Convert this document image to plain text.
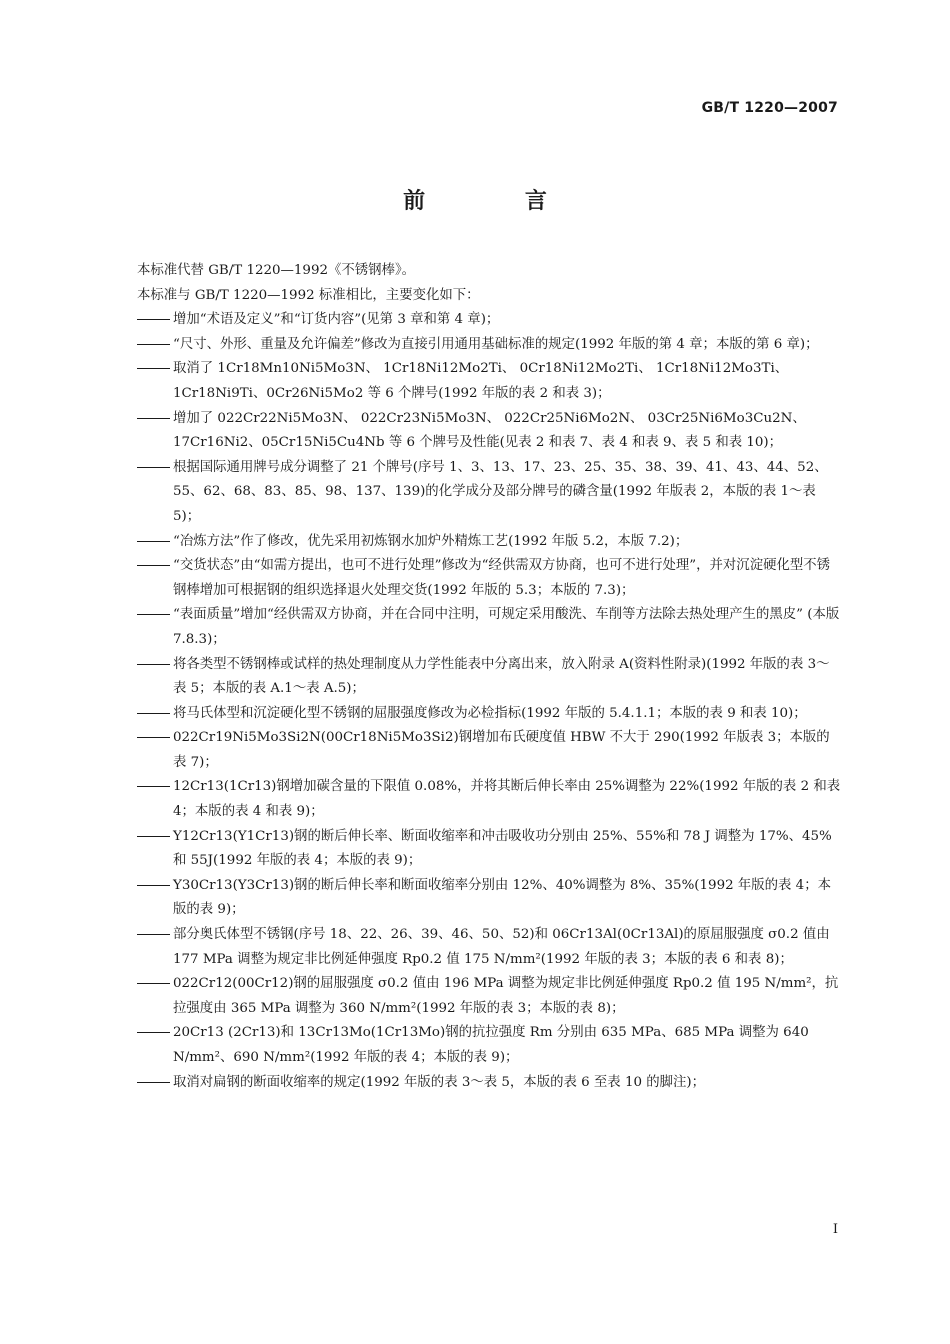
GB/T 1220—2007
前 言

本标准代替 GB/T 1220—1992《不锈钢棒》。

本标准与 GB/T 1220—1992 标准相比，主要变化如下：

增加“术语及定义”和“订货内容”(见第 3 章和第 4 章)；

“尺寸、外形、重量及允许偏差”修改为直接引用通用基础标准的规定(1992 年版的第 4 章；本版的第 6 章)；

取消了 1Cr18Mn10Ni5Mo3N、 1Cr18Ni12Mo2Ti、 0Cr18Ni12Mo2Ti、 1Cr18Ni12Mo3Ti、1Cr18Ni9Ti、0Cr26Ni5Mo2 等 6 个牌号(1992 年版的表 2 和表 3)；

增加了 022Cr22Ni5Mo3N、 022Cr23Ni5Mo3N、 022Cr25Ni6Mo2N、 03Cr25Ni6Mo3Cu2N、17Cr16Ni2、05Cr15Ni5Cu4Nb 等 6 个牌号及性能(见表 2 和表 7、表 4 和表 9、表 5 和表 10)；

根据国际通用牌号成分调整了 21 个牌号(序号 1、3、13、17、23、25、35、38、39、41、43、44、52、55、62、68、83、85、98、137、139)的化学成分及部分牌号的磷含量(1992 年版表 2，本版的表 1～表 5)；

“冶炼方法”作了修改，优先采用初炼钢水加炉外精炼工艺(1992 年版 5.2，本版 7.2)；

“交货状态”由“如需方提出，也可不进行处理”修改为“经供需双方协商，也可不进行处理”，并对沉淀硬化型不锈钢棒增加可根据钢的组织选择退火处理交货(1992 年版的 5.3；本版的 7.3)；

“表面质量”增加“经供需双方协商，并在合同中注明，可规定采用酸洗、车削等方法除去热处理产生的黑皮” (本版 7.8.3)；

将各类型不锈钢棒或试样的热处理制度从力学性能表中分离出来，放入附录 A(资料性附录)(1992 年版的表 3～表 5；本版的表 A.1～表 A.5)；

将马氏体型和沉淀硬化型不锈钢的屈服强度修改为必检指标(1992 年版的 5.4.1.1；本版的表 9 和表 10)；

022Cr19Ni5Mo3Si2N(00Cr18Ni5Mo3Si2)钢增加布氏硬度值 HBW 不大于 290(1992 年版表 3；本版的表 7)；

12Cr13(1Cr13)钢增加碳含量的下限值 0.08%，并将其断后伸长率由 25%调整为 22%(1992 年版的表 2 和表 4；本版的表 4 和表 9)；

Y12Cr13(Y1Cr13)钢的断后伸长率、断面收缩率和冲击吸收功分别由 25%、55%和 78 J 调整为 17%、45%和 55J(1992 年版的表 4；本版的表 9)；

Y30Cr13(Y3Cr13)钢的断后伸长率和断面收缩率分别由 12%、40%调整为 8%、35%(1992 年版的表 4；本版的表 9)；

部分奥氏体型不锈钢(序号 18、22、26、39、46、50、52)和 06Cr13Al(0Cr13Al)的原屈服强度 σ0.2 值由 177 MPa 调整为规定非比例延伸强度 Rp0.2 值 175 N/mm²(1992 年版的表 3；本版的表 6 和表 8)；

022Cr12(00Cr12)钢的屈服强度 σ0.2 值由 196 MPa 调整为规定非比例延伸强度 Rp0.2 值 195 N/mm²，抗拉强度由 365 MPa 调整为 360 N/mm²(1992 年版的表 3；本版的表 8)；

20Cr13 (2Cr13)和 13Cr13Mo(1Cr13Mo)钢的抗拉强度 Rm 分别由 635 MPa、685 MPa 调整为 640 N/mm²、690 N/mm²(1992 年版的表 4；本版的表 9)；

取消对扁钢的断面收缩率的规定(1992 年版的表 3～表 5，本版的表 6 至表 10 的脚注)；

I
